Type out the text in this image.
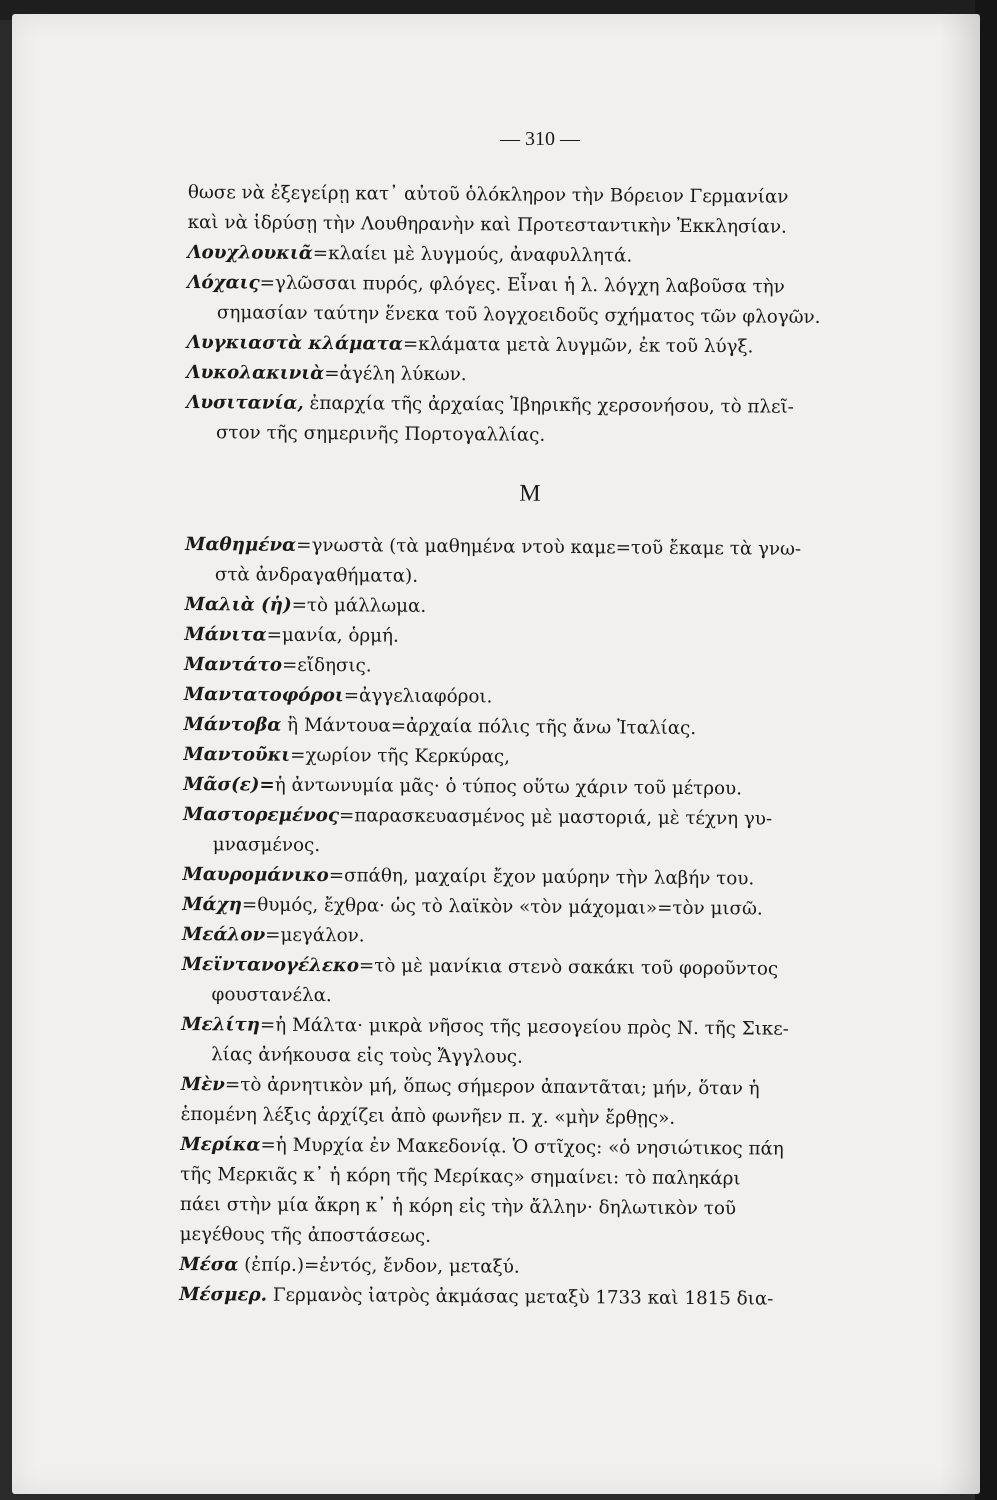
— 310 —

θωσε νὰ ἐξεγείρῃ κατ᾽ αὐτοῦ ὁλόκληρον τὴν Βόρειον Γερμανίαν
καὶ νὰ ἱδρύσῃ τὴν Λουθηρανὴν καὶ Προτεσταντικὴν Ἐκκλησίαν.

Λουχλουκιᾶ=κλαίει μὲ λυγμούς, ἀναφυλλητά.

Λόχαις=γλῶσσαι πυρός, φλόγες. Εἶναι ἡ λ. λόγχη λαβοῦσα τὴν
σημασίαν ταύτην ἕνεκα τοῦ λογχοειδοῦς σχήματος τῶν φλογῶν.

Λυγκιαστὰ κλάματα=κλάματα μετὰ λυγμῶν, ἐκ τοῦ λύγξ.

Λυκολακινιὰ=ἀγέλη λύκων.

Λυσιτανία, ἐπαρχία τῆς ἀρχαίας Ἰβηρικῆς χερσονήσου, τὸ πλεῖ-
στον τῆς σημερινῆς Πορτογαλλίας.

M

Μαθημένα=γνωστὰ (τὰ μαθημένα ντοὺ καμε=τοῦ ἔκαμε τὰ γνω-
στὰ ἀνδραγαθήματα).

Μαλιὰ (ἡ)=τὸ μάλλωμα.

Μάνιτα=μανία, ὁρμή.

Μαντάτο=εἴδησις.

Μαντατοφόροι=ἀγγελιαφόροι.

Μάντοβα ἢ Μάντουα=ἀρχαία πόλις τῆς ἄνω Ἰταλίας.

Μαντοῦκι=χωρίον τῆς Κερκύρας,

Μᾶσ(ε)=ἡ ἀντωνυμία μᾶς· ὁ τύπος οὕτω χάριν τοῦ μέτρου.

Μαστορεμένος=παρασκευασμένος μὲ μαστοριά, μὲ τέχνη γυ-
μνασμένος.

Μαυρομάνικο=σπάθη, μαχαίρι ἔχον μαύρην τὴν λαβήν του.

Μάχη=θυμός, ἔχθρα· ὡς τὸ λαϊκὸν «τὸν μάχομαι»=τὸν μισῶ.

Μεάλον=μεγάλον.

Μεϊντανογέλεκο=τὸ μὲ μανίκια στενὸ σακάκι τοῦ φοροῦντος
φουστανέλα.

Μελίτη=ἡ Μάλτα· μικρὰ νῆσος τῆς μεσογείου πρὸς Ν. τῆς Σικε-
λίας ἀνήκουσα εἰς τοὺς Ἄγγλους.

Μὲν=τὸ ἀρνητικὸν μή, ὅπως σήμερον ἀπαντᾶται; μήν, ὅταν ἡ
ἑπομένη λέξις ἀρχίζει ἀπὸ φωνῆεν π. χ. «μὴν ἔρθῃς».

Μερίκα=ἡ Μυρχία ἐν Μακεδονίᾳ. Ὁ στῖχος: «ὁ νησιώτικος πάη
τῆς Μερκιᾶς κ᾽ ἡ κόρη τῆς Μερίκας» σημαίνει: τὸ παληκάρι
πάει στὴν μία ἄκρη κ᾽ ἡ κόρη εἰς τὴν ἄλλην· δηλωτικὸν τοῦ
μεγέθους τῆς ἀποστάσεως.

Μέσα (ἐπίρ.)=ἐντός, ἔνδον, μεταξύ.

Μέσμερ. Γερμανὸς ἰατρὸς ἀκμάσας μεταξὺ 1733 καὶ 1815 δια-
